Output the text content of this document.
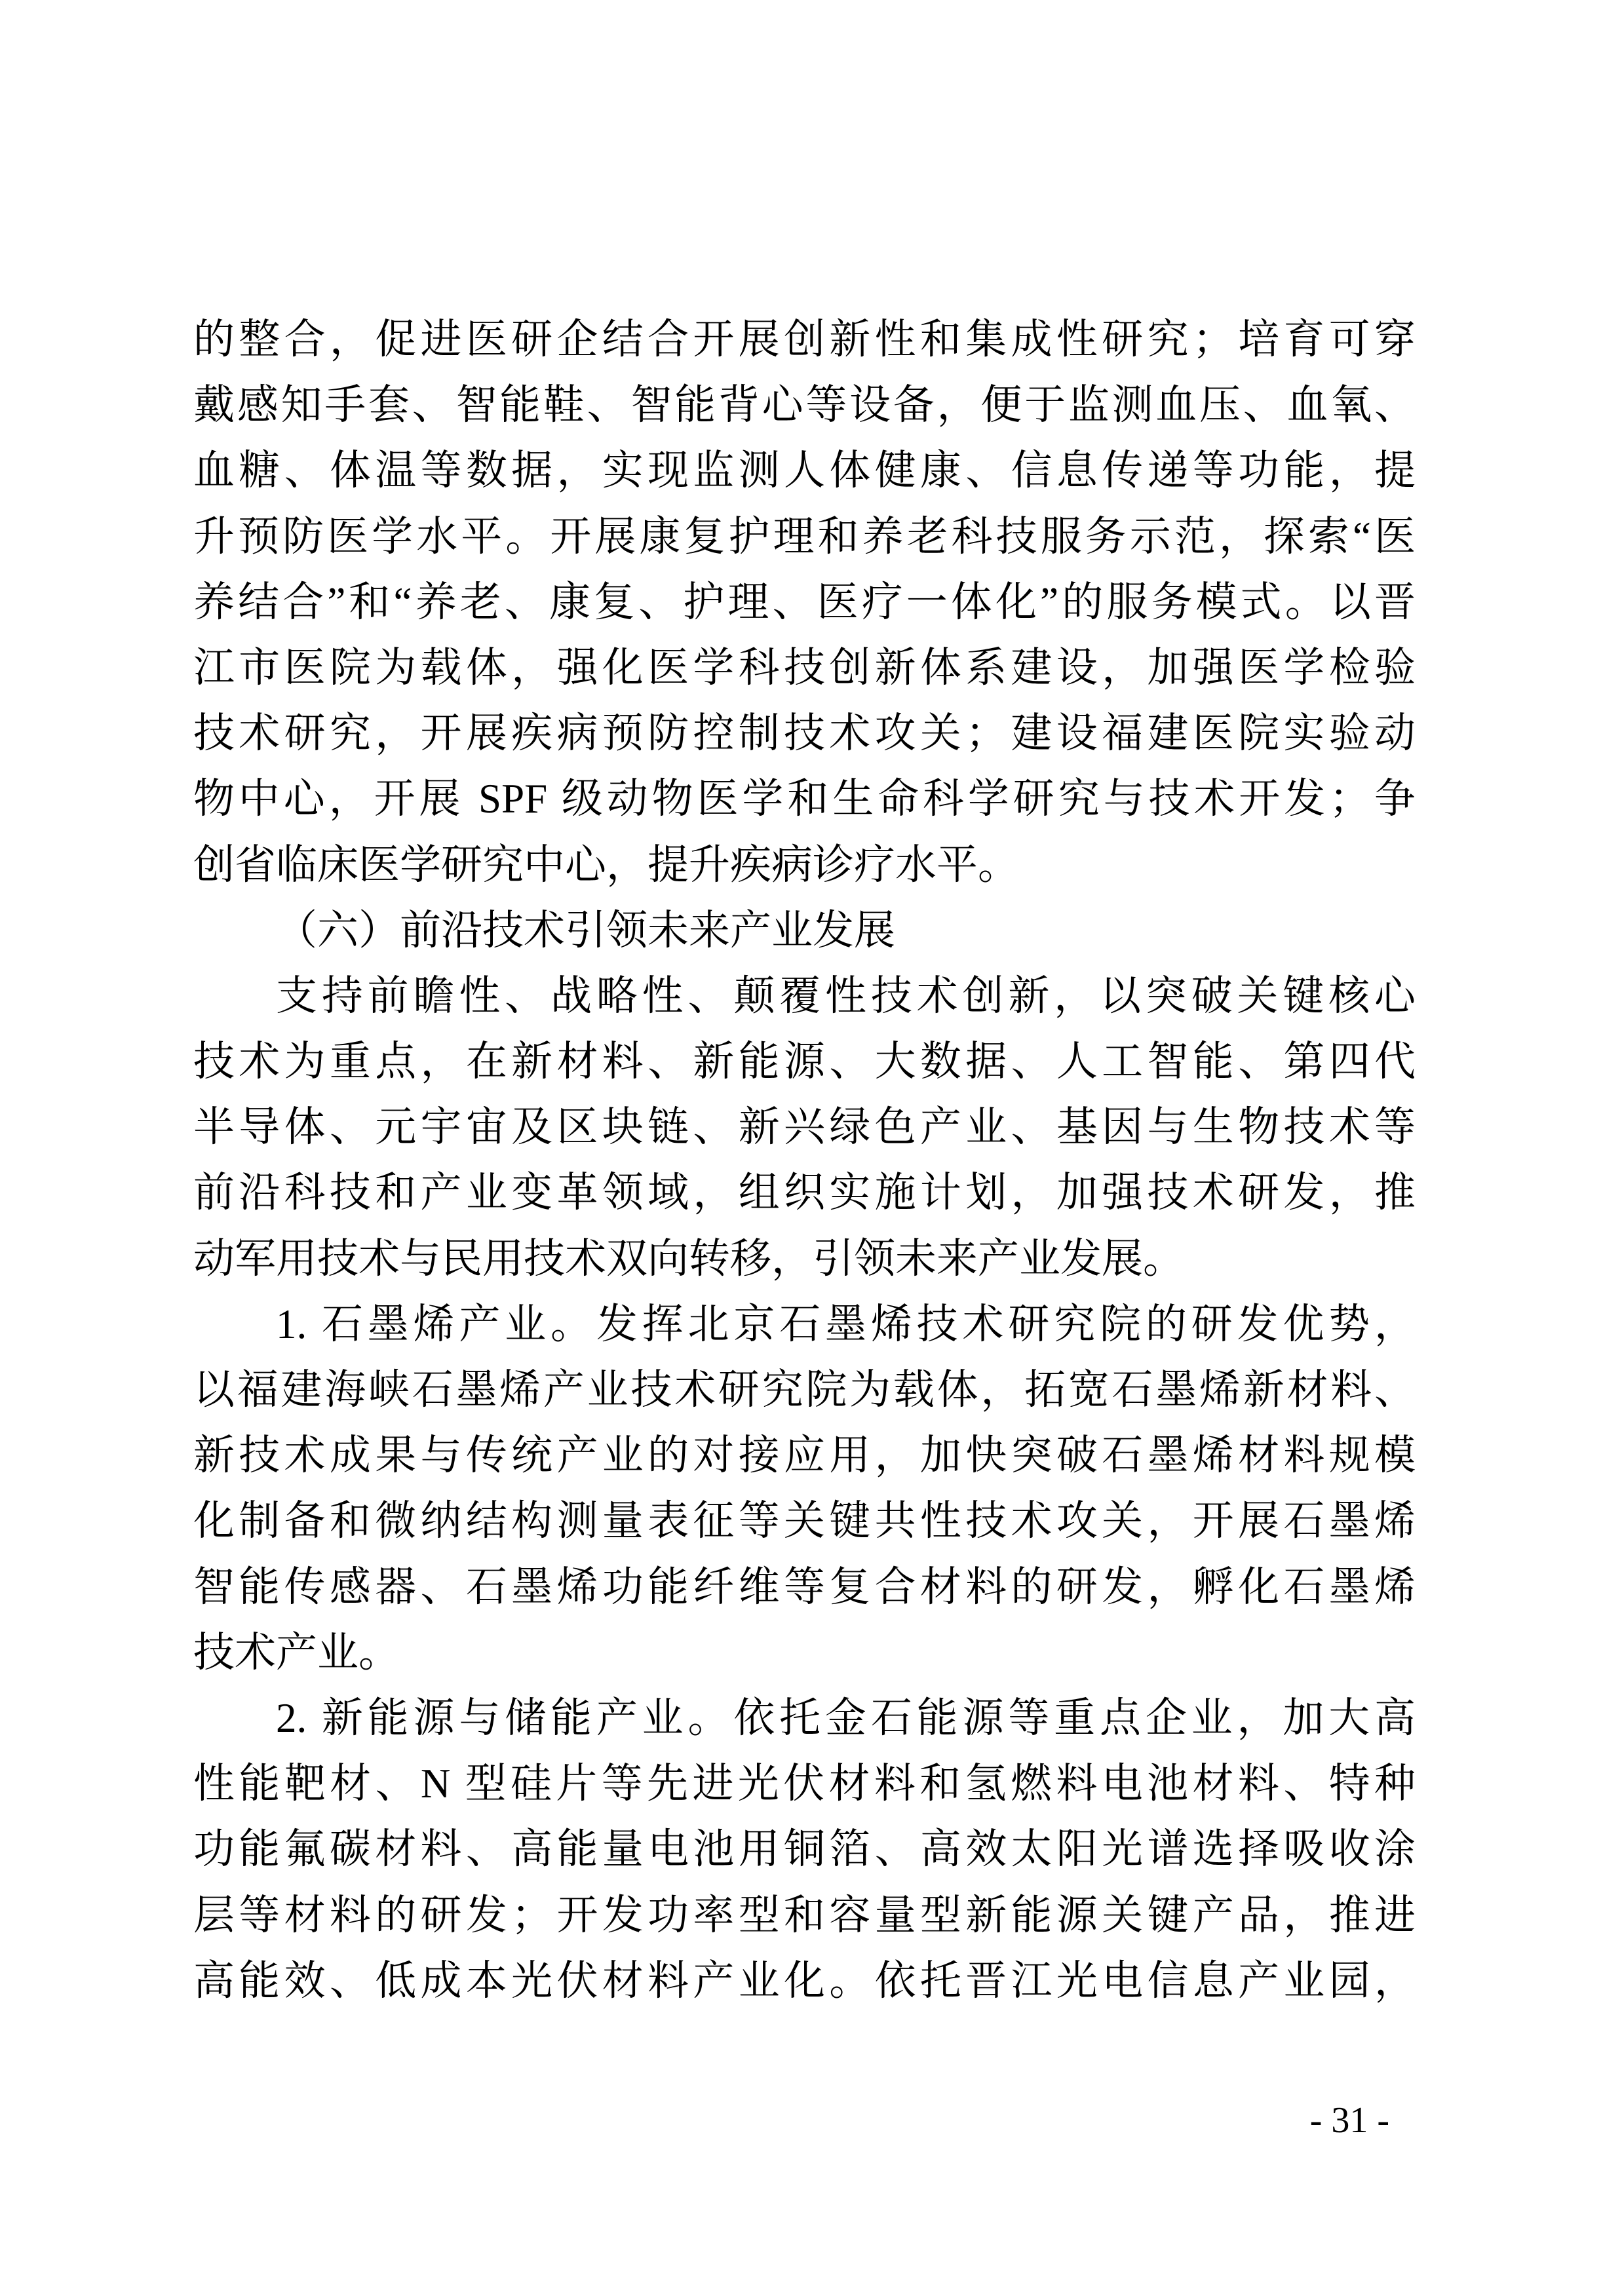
的整合，促进医研企结合开展创新性和集成性研究；培育可穿
戴感知手套、智能鞋、智能背心等设备，便于监测血压、血氧、
血糖、体温等数据，实现监测人体健康、信息传递等功能，提
升预防医学水平。开展康复护理和养老科技服务示范，探索“医
养结合”和“养老、康复、护理、医疗一体化”的服务模式。以晋
江市医院为载体，强化医学科技创新体系建设，加强医学检验
技术研究，开展疾病预防控制技术攻关；建设福建医院实验动
物中心，开展 SPF 级动物医学和生命科学研究与技术开发；争
创省临床医学研究中心，提升疾病诊疗水平。
（六）前沿技术引领未来产业发展
支持前瞻性、战略性、颠覆性技术创新，以突破关键核心
技术为重点，在新材料、新能源、大数据、人工智能、第四代
半导体、元宇宙及区块链、新兴绿色产业、基因与生物技术等
前沿科技和产业变革领域，组织实施计划，加强技术研发，推
动军用技术与民用技术双向转移，引领未来产业发展。
1. 石墨烯产业。发挥北京石墨烯技术研究院的研发优势，
以福建海峡石墨烯产业技术研究院为载体，拓宽石墨烯新材料、
新技术成果与传统产业的对接应用，加快突破石墨烯材料规模
化制备和微纳结构测量表征等关键共性技术攻关，开展石墨烯
智能传感器、石墨烯功能纤维等复合材料的研发，孵化石墨烯
技术产业。
2. 新能源与储能产业。依托金石能源等重点企业，加大高
性能靶材、N 型硅片等先进光伏材料和氢燃料电池材料、特种
功能氟碳材料、高能量电池用铜箔、高效太阳光谱选择吸收涂
层等材料的研发；开发功率型和容量型新能源关键产品，推进
高能效、低成本光伏材料产业化。依托晋江光电信息产业园，
- 31 -
